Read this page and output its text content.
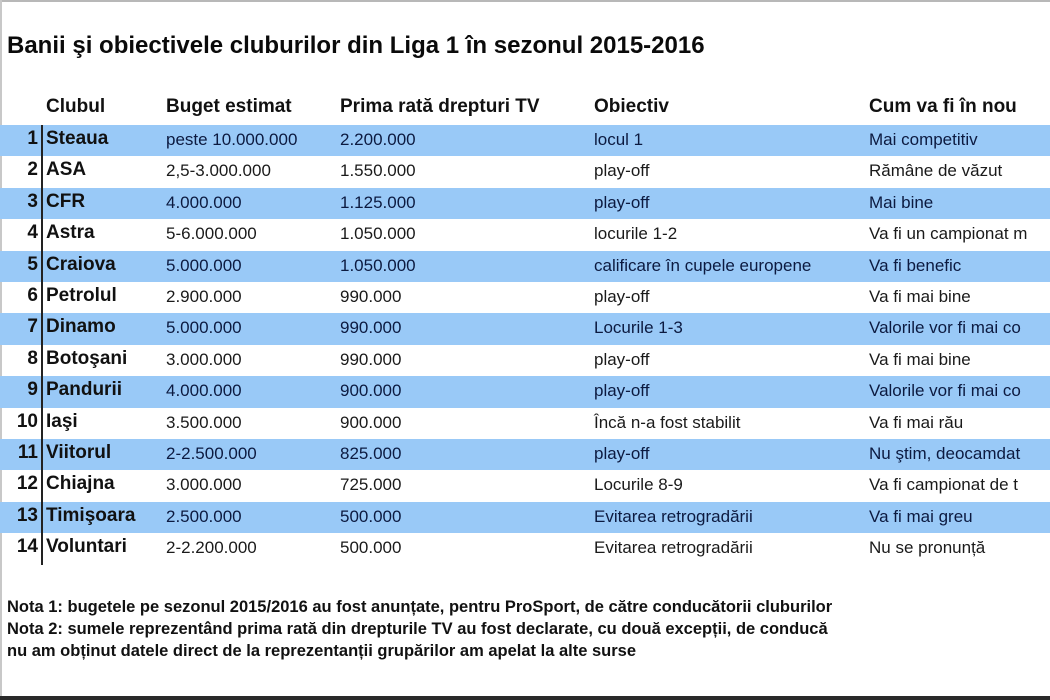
Banii şi obiectivele cluburilor din Liga 1 în sezonul 2015-2016
Clubul	Buget estimat	Prima rată drepturi TV	Obiectiv	Cum va fi în nou
1 Steaua	peste 10.000.000	2.200.000	locul 1	Mai competitiv
2 ASA	2,5-3.000.000	1.550.000	play-off	Rămâne de văzut
3 CFR	4.000.000	1.125.000	play-off	Mai bine
4 Astra	5-6.000.000	1.050.000	locurile 1-2	Va fi un campionat m
5 Craiova	5.000.000	1.050.000	calificare în cupele europene	Va fi benefic
6 Petrolul	2.900.000	990.000	play-off	Va fi mai bine
7 Dinamo	5.000.000	990.000	Locurile 1-3	Valorile vor fi mai co
8 Botoşani 3.000.000	990.000	play-off	Va fi mai bine
9 Pandurii	4.000.000	900.000	play-off	Valorile vor fi mai co
10 Iaşi	3.500.000	900.000	Încă n-a fost stabilit	Va fi mai rău
11 Viitorul	2-2.500.000	825.000	play-off	Nu ştim, deocamdat
12 Chiajna	3.000.000	725.000	Locurile 8-9	Va fi campionat de t
13 Timişoara 2.500.000	500.000	Evitarea retrogradării	Va fi mai greu
14 Voluntari 2-2.200.000	500.000	Evitarea retrogradării	Nu se pronunță
Nota 1: bugetele pe sezonul 2015/2016 au fost anunțate, pentru ProSport, de către conducătorii cluburilor
Nota 2: sumele reprezentând prima rată din drepturile TV au fost declarate, cu două excepții, de conducă
nu am obținut datele direct de la reprezentanții grupărilor am apelat la alte surse
